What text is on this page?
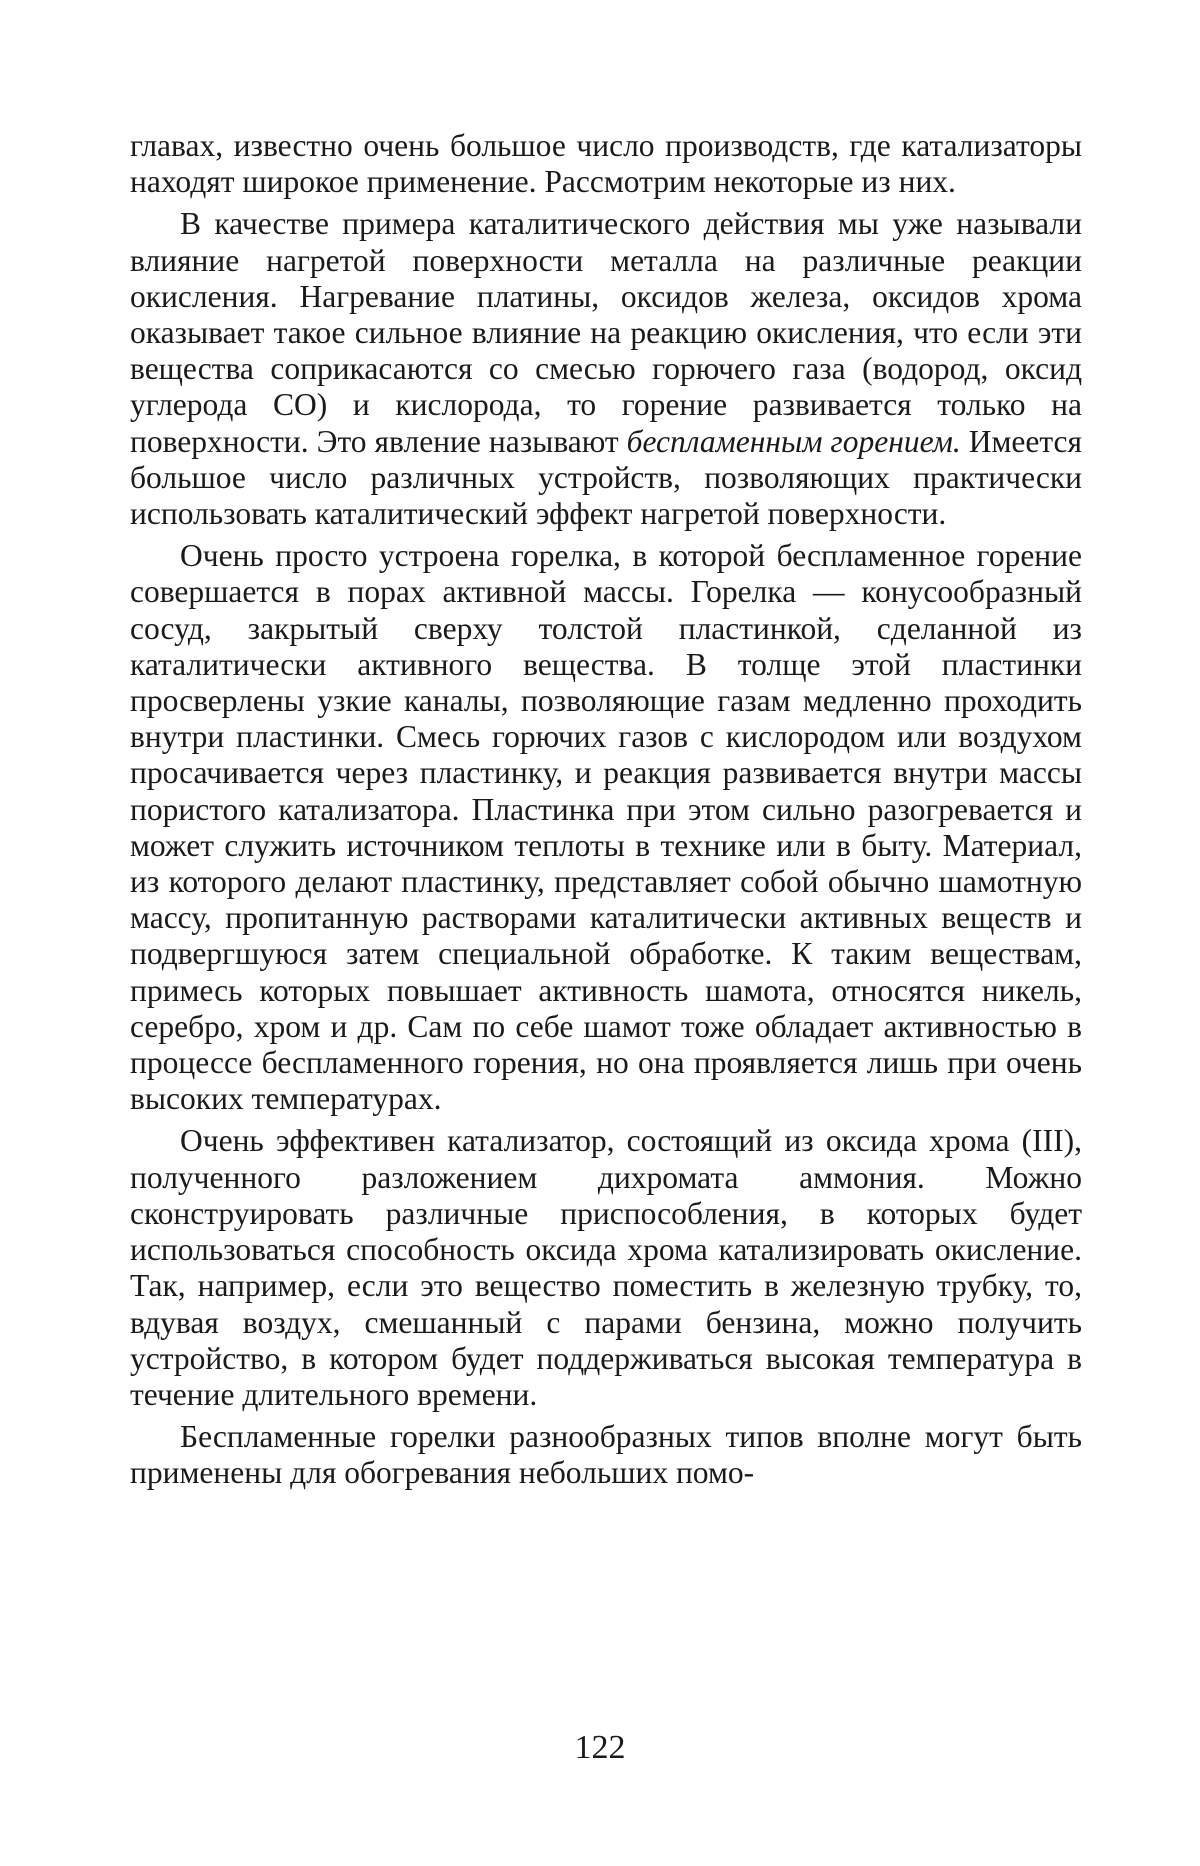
главах, известно очень большое число производств, где катализаторы находят широкое применение. Рассмотрим некоторые из них.

В качестве примера каталитического действия мы уже называли влияние нагретой поверхности металла на различные реакции окисления. Нагревание платины, оксидов железа, оксидов хрома оказывает такое сильное влияние на реакцию окисления, что если эти вещества соприкасаются со смесью горючего газа (водород, оксид углерода СО) и кислорода, то горение развивается только на поверхности. Это явление называют беспламенным горением. Имеется большое число различных устройств, позволяющих практически использовать каталитический эффект нагретой поверхности.

Очень просто устроена горелка, в которой беспламенное горение совершается в порах активной массы. Горелка — конусообразный сосуд, закрытый сверху толстой пластинкой, сделанной из каталитически активного вещества. В толще этой пластинки просверлены узкие каналы, позволяющие газам медленно проходить внутри пластинки. Смесь горючих газов с кислородом или воздухом просачивается через пластинку, и реакция развивается внутри массы пористого катализатора. Пластинка при этом сильно разогревается и может служить источником теплоты в технике или в быту. Материал, из которого делают пластинку, представляет собой обычно шамотную массу, пропитанную растворами каталитически активных веществ и подвергшуюся затем специальной обработке. К таким веществам, примесь которых повышает активность шамота, относятся никель, серебро, хром и др. Сам по себе шамот тоже обладает активностью в процессе беспламенного горения, но она проявляется лишь при очень высоких температурах.

Очень эффективен катализатор, состоящий из оксида хрома (III), полученного разложением дихромата аммония. Можно сконструировать различные приспособления, в которых будет использоваться способность оксида хрома катализировать окисление. Так, например, если это вещество поместить в железную трубку, то, вдувая воздух, смешанный с парами бензина, можно получить устройство, в котором будет поддерживаться высокая температура в течение длительного времени.

Беспламенные горелки разнообразных типов вполне могут быть применены для обогревания небольших помо-

122
